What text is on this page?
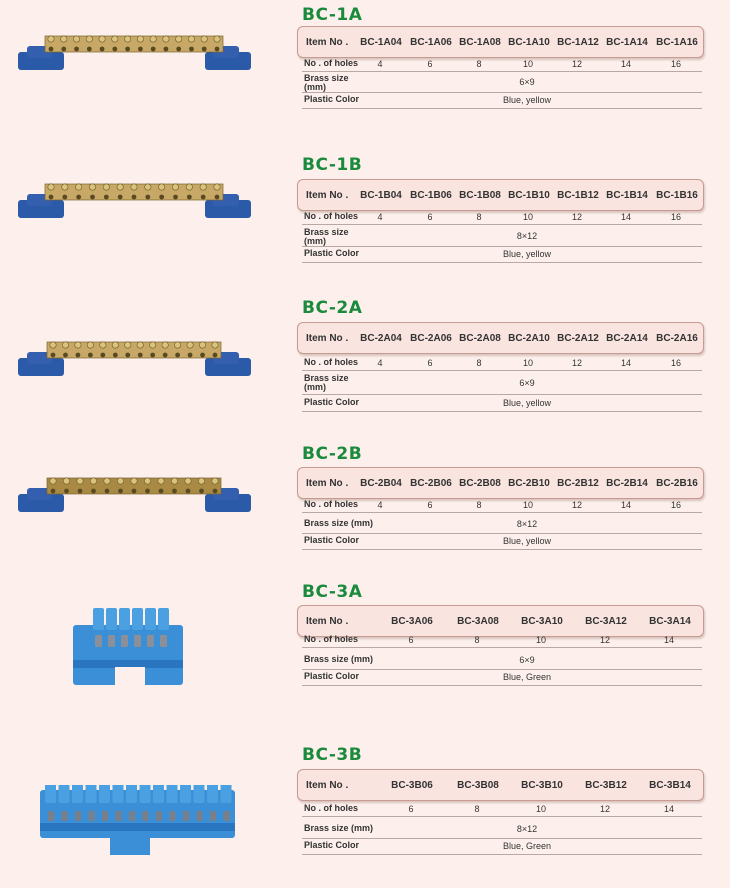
BC-1A
Item No .	BC-1A04 BC-1A06 BC-1A08 BC-1A10 BC-1A12 BC-1A14 BC-1A16
No . of holes	4	6	8	10	12	14	16
Brass size (mm)	6×9
Plastic Color	Blue, yellow
BC-1B
Item No .	BC-1B04 BC-1B06 BC-1B08 BC-1B10 BC-1B12 BC-1B14 BC-1B16
No . of holes	4	6	8	10	12	14	16
Brass size (mm)	8×12
Plastic Color	Blue, yellow
BC-2A
Item No .	BC-2A04 BC-2A06 BC-2A08 BC-2A10 BC-2A12 BC-2A14 BC-2A16
No . of holes	4	6	8	10	12	14	16
Brass size (mm)	6×9
Plastic Color	Blue, yellow
BC-2B
Item No .	BC-2B04 BC-2B06 BC-2B08 BC-2B10 BC-2B12 BC-2B14 BC-2B16
No . of holes	4	6	8	10	12	14	16
Brass size (mm)	8×12
Plastic Color	Blue, yellow
BC-3A
Item No .	BC-3A06	BC-3A08	BC-3A10	BC-3A12	BC-3A14
No . of holes	6	8	10	12	14
Brass size (mm)	6×9
Plastic Color	Blue, Green
BC-3B
Item No .	BC-3B06	BC-3B08	BC-3B10	BC-3B12	BC-3B14
No . of holes	6	8	10	12	14
Brass size (mm)	8×12
Plastic Color	Blue, Green
